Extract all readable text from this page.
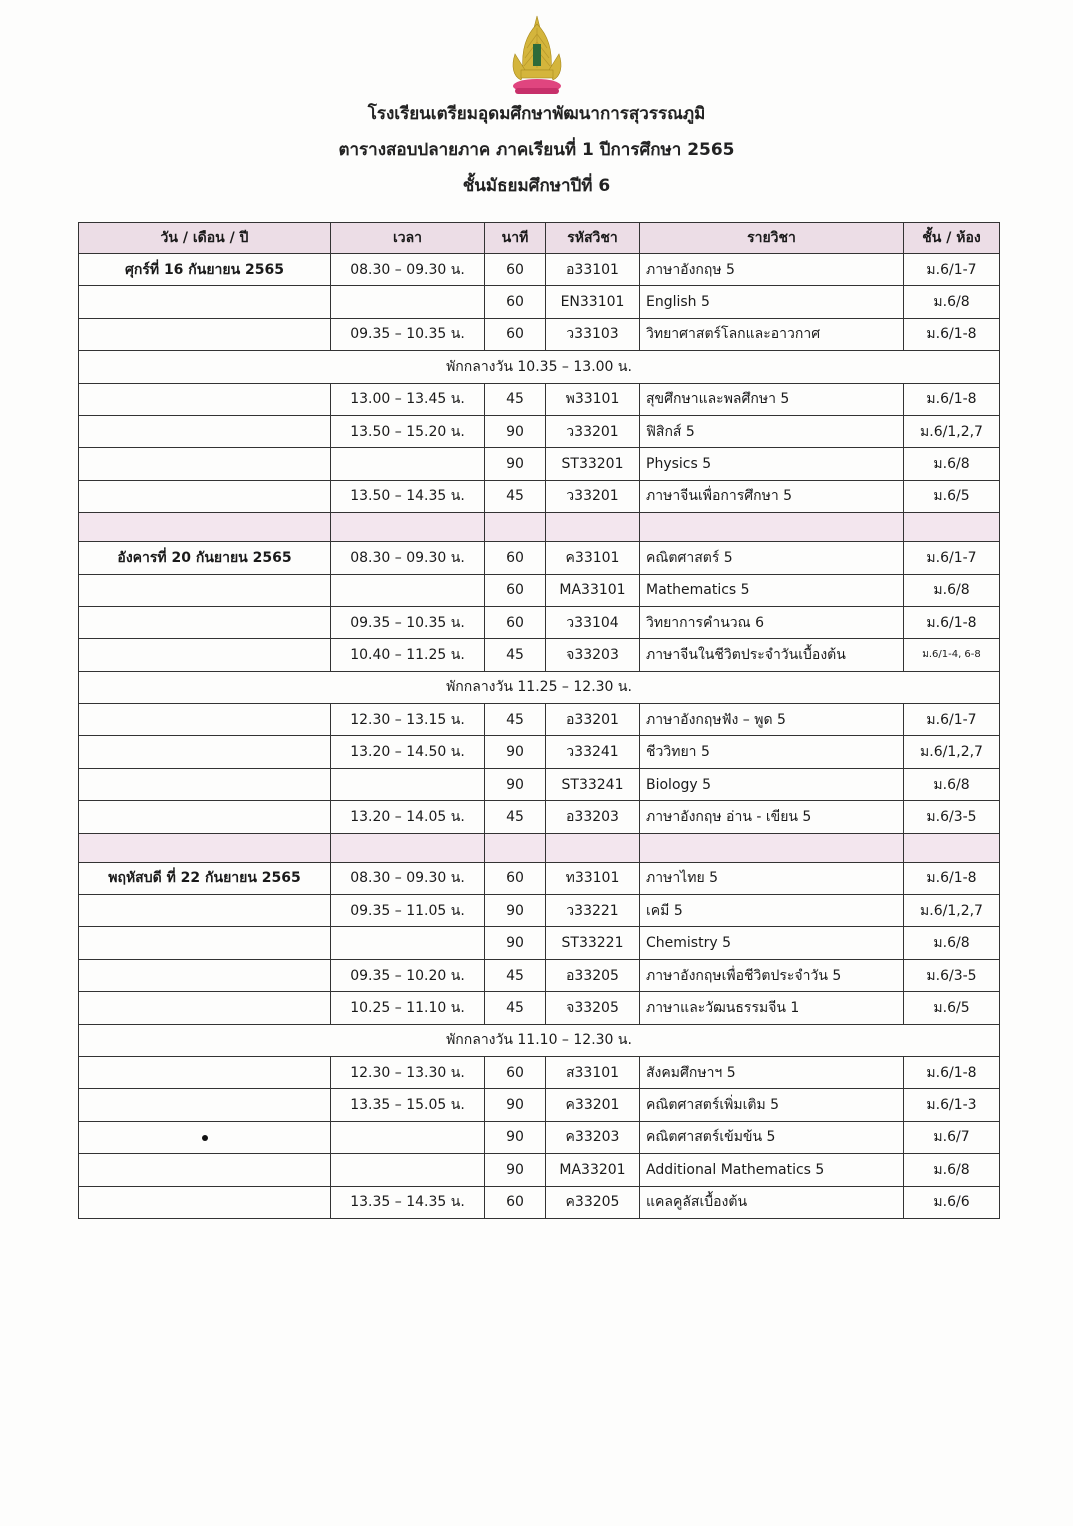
โรงเรียนเตรียมอุดมศึกษาพัฒนาการสุวรรณภูมิ
ตารางสอบปลายภาค ภาคเรียนที่ 1 ปีการศึกษา 2565
ชั้นมัธยมศึกษาปีที่ 6
วัน / เดือน / ปี	เวลา	นาที	รหัสวิชา	รายวิชา	ชั้น / ห้อง
ศุกร์ที่ 16 กันยายน 2565	08.30 – 09.30 น.	60	อ33101	ภาษาอังกฤษ 5	ม.6/1-7
		60	EN33101	English 5	ม.6/8
	09.35 – 10.35 น.	60	ว33103	วิทยาศาสตร์โลกและอาวกาศ	ม.6/1-8
พักกลางวัน 10.35 – 13.00 น.					
	13.00 – 13.45 น.	45	พ33101	สุขศึกษาและพลศึกษา 5	ม.6/1-8
	13.50 – 15.20 น.	90	ว33201	ฟิสิกส์ 5	ม.6/1,2,7
		90	ST33201	Physics 5	ม.6/8
	13.50 – 14.35 น.	45	ว33201	ภาษาจีนเพื่อการศึกษา 5	ม.6/5

อังคารที่ 20 กันยายน 2565	08.30 – 09.30 น.	60	ค33101	คณิตศาสตร์ 5	ม.6/1-7
		60	MA33101	Mathematics 5	ม.6/8
	09.35 – 10.35 น.	60	ว33104	วิทยาการคำนวณ 6	ม.6/1-8
	10.40 – 11.25 น.	45	จ33203	ภาษาจีนในชีวิตประจำวันเบื้องต้น	ม.6/1-4, 6-8
พักกลางวัน 11.25 – 12.30 น.					
	12.30 – 13.15 น.	45	อ33201	ภาษาอังกฤษฟัง – พูด 5	ม.6/1-7
	13.20 – 14.50 น.	90	ว33241	ชีววิทยา 5	ม.6/1,2,7
		90	ST33241	Biology 5	ม.6/8
	13.20 – 14.05 น.	45	อ33203	ภาษาอังกฤษ อ่าน - เขียน 5	ม.6/3-5

พฤหัสบดี ที่ 22 กันยายน 2565	08.30 – 09.30 น.	60	ท33101	ภาษาไทย 5	ม.6/1-8
	09.35 – 11.05 น.	90	ว33221	เคมี 5	ม.6/1,2,7
		90	ST33221	Chemistry 5	ม.6/8
	09.35 – 10.20 น.	45	อ33205	ภาษาอังกฤษเพื่อชีวิตประจำวัน 5	ม.6/3-5
	10.25 – 11.10 น.	45	จ33205	ภาษาและวัฒนธรรมจีน 1	ม.6/5
พักกลางวัน 11.10 – 12.30 น.					
	12.30 – 13.30 น.	60	ส33101	สังคมศึกษาฯ 5	ม.6/1-8
	13.35 – 15.05 น.	90	ค33201	คณิตศาสตร์เพิ่มเติม 5	ม.6/1-3
		90	ค33203	คณิตศาสตร์เข้มข้น 5	ม.6/7
		90	MA33201	Additional Mathematics 5	ม.6/8
	13.35 – 14.35 น.	60	ค33205	แคลคูลัสเบื้องต้น	ม.6/6
